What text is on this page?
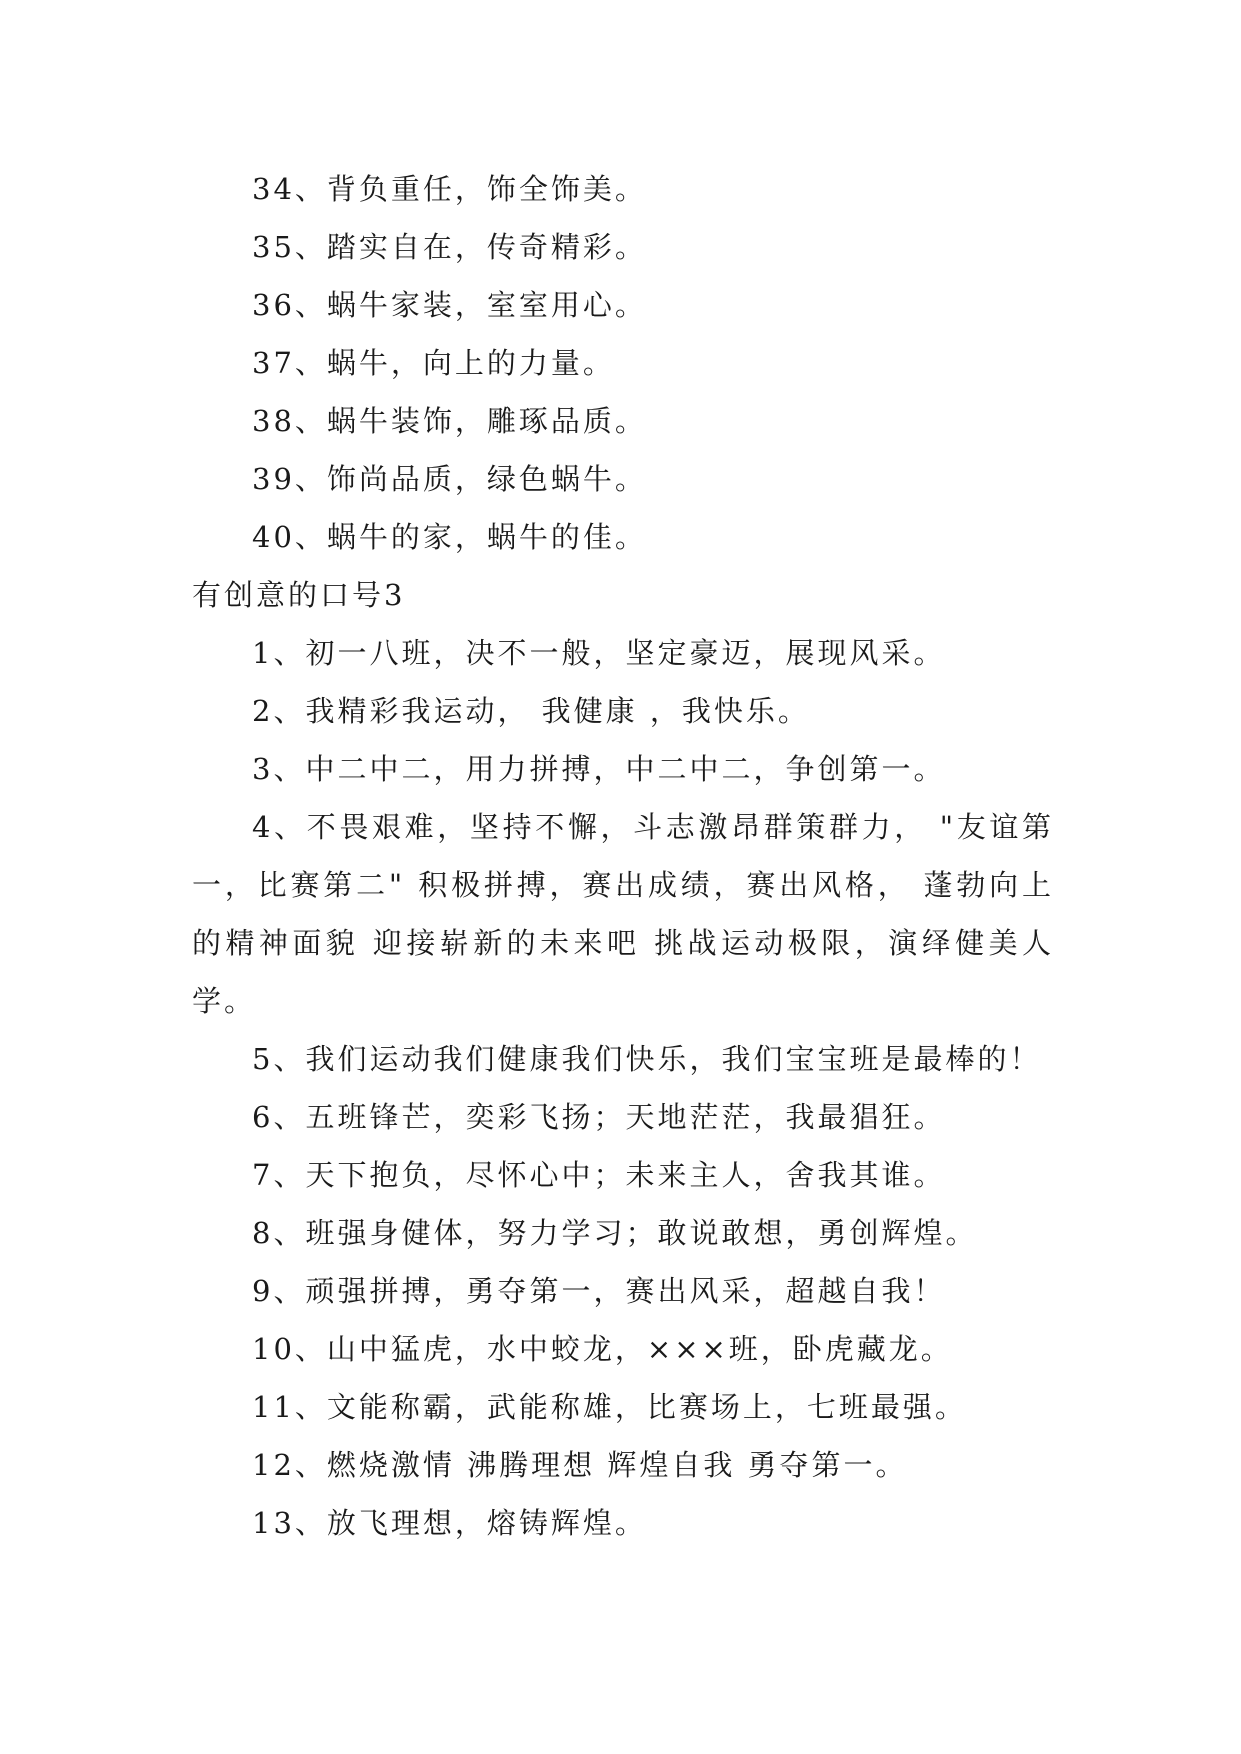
34、背负重任，饰全饰美。

35、踏实自在，传奇精彩。

36、蜗牛家装，室室用心。

37、蜗牛，向上的力量。

38、蜗牛装饰，雕琢品质。

39、饰尚品质，绿色蜗牛。

40、蜗牛的家，蜗牛的佳。

有创意的口号3

1、初一八班，决不一般，坚定豪迈，展现风采。

2、我精彩我运动， 我健康 ，我快乐。

3、中二中二，用力拼搏，中二中二，争创第一。

4、不畏艰难，坚持不懈，斗志激昂群策群力， "友谊第一，比赛第二" 积极拼搏，赛出成绩，赛出风格， 蓬勃向上的精神面貌 迎接崭新的未来吧 挑战运动极限，演绎健美人学。

5、我们运动我们健康我们快乐，我们宝宝班是最棒的！

6、五班锋芒，奕彩飞扬；天地茫茫，我最猖狂。

7、天下抱负，尽怀心中；未来主人，舍我其谁。

8、班强身健体，努力学习；敢说敢想，勇创辉煌。

9、顽强拼搏，勇夺第一，赛出风采，超越自我！

10、山中猛虎，水中蛟龙，×××班，卧虎藏龙。

11、文能称霸，武能称雄，比赛场上，七班最强。

12、燃烧激情 沸腾理想 辉煌自我 勇夺第一。

13、放飞理想，熔铸辉煌。
